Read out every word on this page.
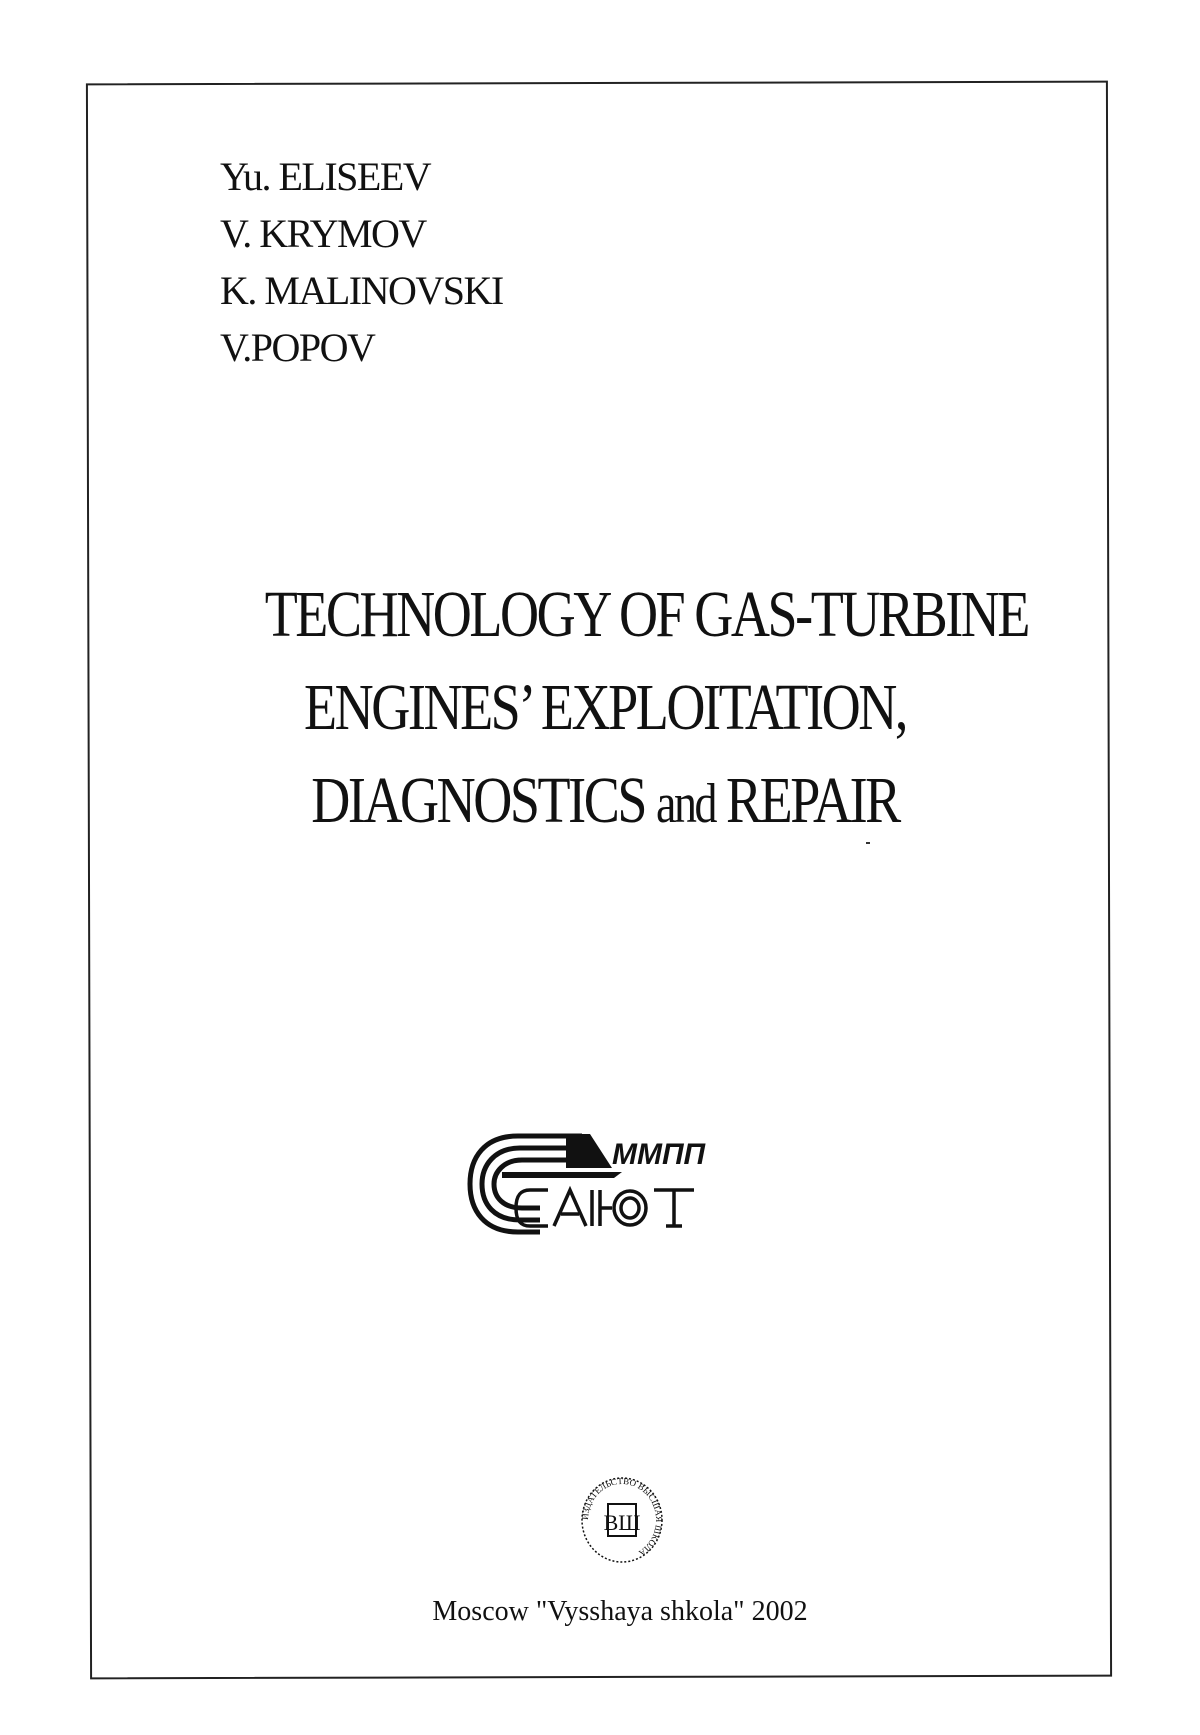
Yu. ELISEEV
V. KRYMOV
K. MALINOVSKI
V.POPOV
TECHNOLOGY OF GAS-TURBINE
ENGINES’ EXPLOITATION,
DIAGNOSTICS and REPAIR
ММПП
ИЗДАТЕЛЬСТВО ВЫСШАЯ ШКОЛА
ВШ
Moscow "Vysshaya shkola" 2002
